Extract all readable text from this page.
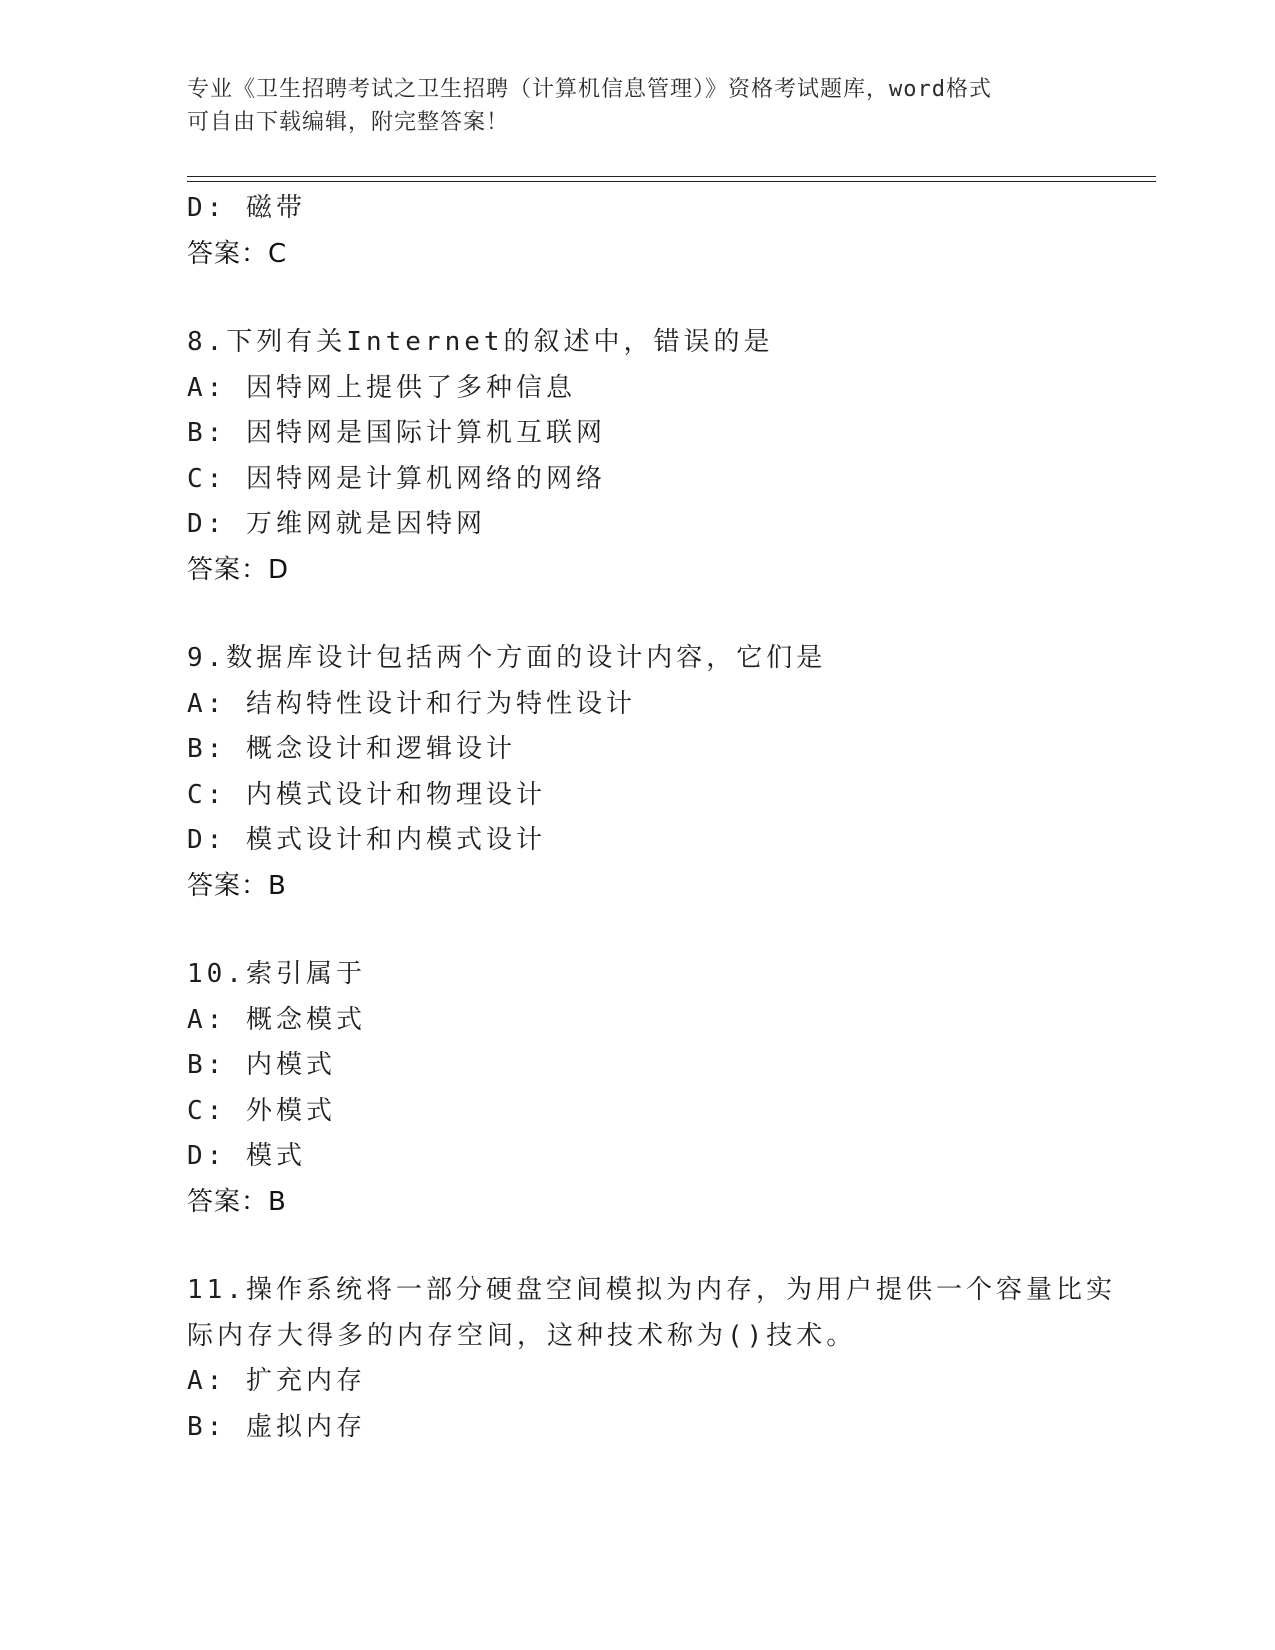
专业《卫生招聘考试之卫生招聘（计算机信息管理）》资格考试题库，word格式
可自由下载编辑，附完整答案！
D: 磁带
答案：C
8.下列有关Internet的叙述中，错误的是
A: 因特网上提供了多种信息
B: 因特网是国际计算机互联网
C: 因特网是计算机网络的网络
D: 万维网就是因特网
答案：D
9.数据库设计包括两个方面的设计内容，它们是
A: 结构特性设计和行为特性设计
B: 概念设计和逻辑设计
C: 内模式设计和物理设计
D: 模式设计和内模式设计
答案：B
10.索引属于
A: 概念模式
B: 内模式
C: 外模式
D: 模式
答案：B
11.操作系统将一部分硬盘空间模拟为内存，为用户提供一个容量比实
际内存大得多的内存空间，这种技术称为()技术。
A: 扩充内存
B: 虚拟内存
